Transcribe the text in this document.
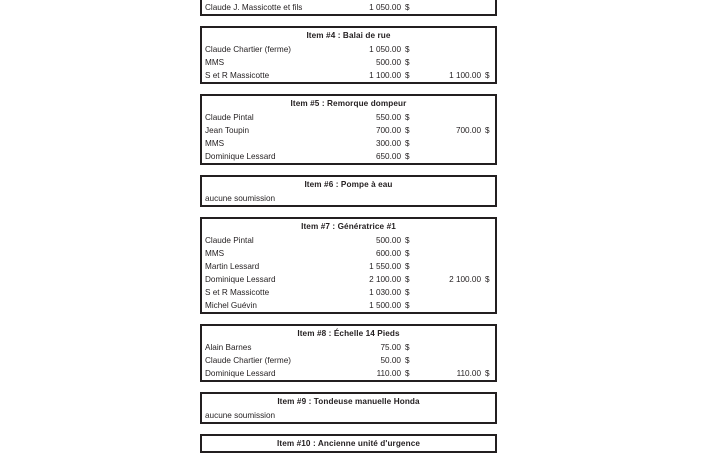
Claude J. Massicotte et fils	1 050.00 $
Item #4 : Balai de rue
Claude Chartier (ferme)	1 050.00 $
MMS	500.00 $
S et R Massicotte	1 100.00 $	1 100.00 $
Item #5 : Remorque dompeur
Claude Pintal	550.00 $
Jean Toupin	700.00 $	700.00 $
MMS	300.00 $
Dominique Lessard	650.00 $
Item #6 : Pompe à eau
aucune soumission
Item #7 : Génératrice #1
Claude Pintal	500.00 $
MMS	600.00 $
Martin Lessard	1 550.00 $
Dominique Lessard	2 100.00 $	2 100.00 $
S et R Massicotte	1 030.00 $
Michel Guévin	1 500.00 $
Item #8 : Échelle 14 Pieds
Alain Barnes	75.00 $
Claude Chartier (ferme)	50.00 $
Dominique Lessard	110.00 $	110.00 $
Item #9 : Tondeuse manuelle Honda
aucune soumission
Item #10 : Ancienne unité d'urgence
